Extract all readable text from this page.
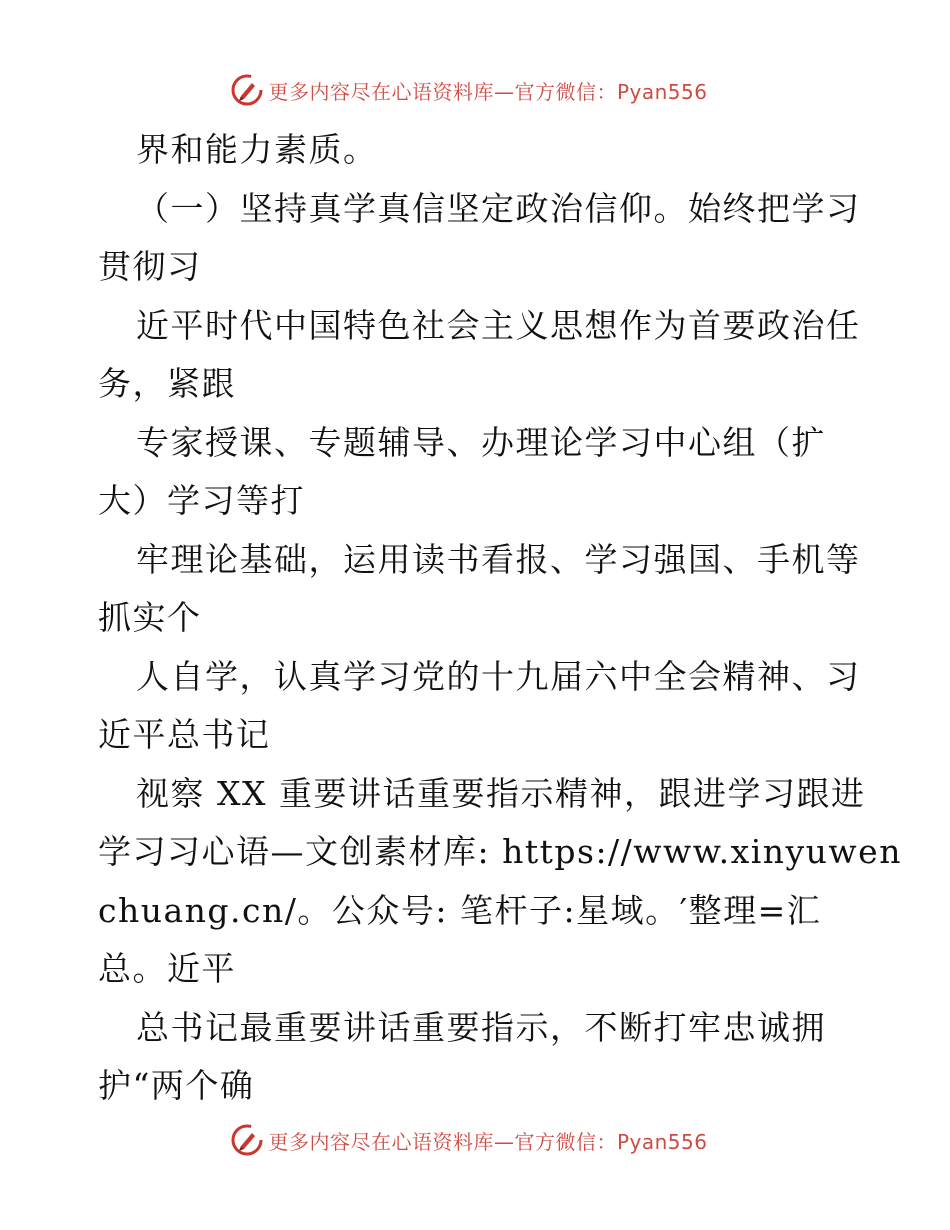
更多内容尽在心语资料库—官方微信：Pyan556
界和能力素质。
（一）坚持真学真信坚定政治信仰。始终把学习
贯彻习
近平时代中国特色社会主义思想作为首要政治任
务，紧跟
专家授课、专题辅导、办理论学习中心组（扩
大）学习等打
牢理论基础，运用读书看报、学习强国、手机等
抓实个
人自学，认真学习党的十九届六中全会精神、习
近平总书记
视察 XX 重要讲话重要指示精神，跟进学习跟进
学习习心语—文创素材库: https://www.xinyuwen
chuang.cn/。公众号: 笔杆子:星域。′整理=汇
总。近平
总书记最重要讲话重要指示，不断打牢忠诚拥
护“两个确
更多内容尽在心语资料库—官方微信：Pyan556
